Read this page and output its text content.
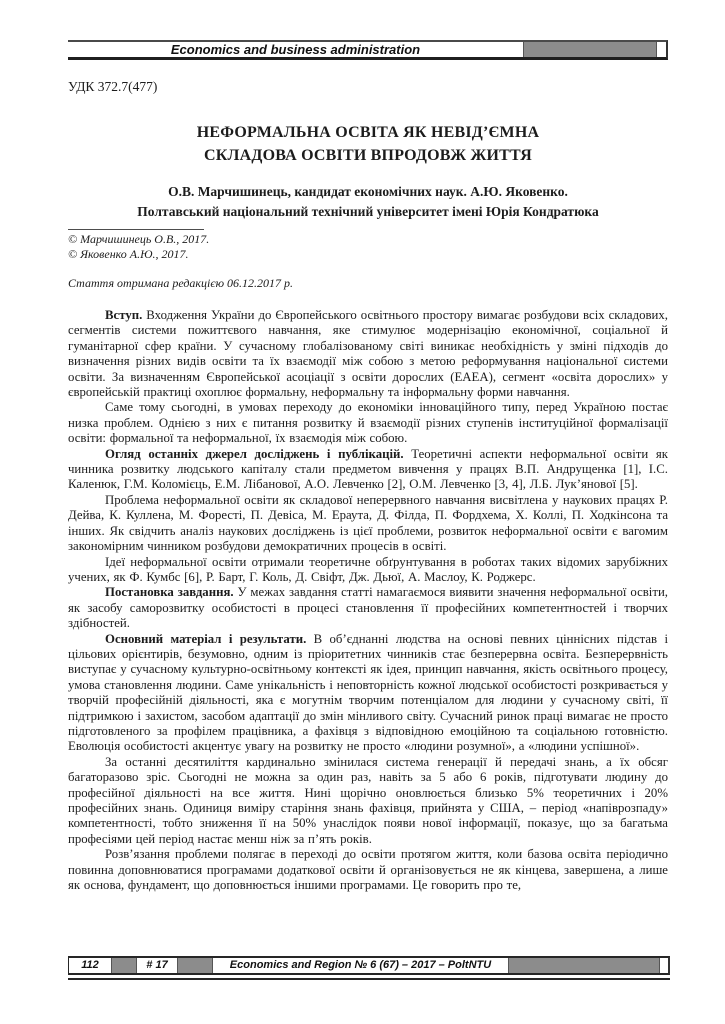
Economics and business administration
УДК 372.7(477)
НЕФОРМАЛЬНА ОСВІТА ЯК НЕВІД’ЄМНА
СКЛАДОВА ОСВІТИ ВПРОДОВЖ ЖИТТЯ
О.В. Марчишинець, кандидат економічних наук. А.Ю. Яковенко.
Полтавський національний технічний університет імені Юрія Кондратюка
© Марчишинець О.В., 2017.
© Яковенко А.Ю., 2017.
Стаття отримана редакцією 06.12.2017 р.

Вступ. Входження України до Європейського освітнього простору вимагає розбудови всіх складових, сегментів системи пожиттєвого навчання, яке стимулює модернізацію економічної, соціальної й гуманітарної сфер країни. У сучасному глобалізованому світі виникає необхідність у зміні підходів до визначення різних видів освіти та їх взаємодії між собою з метою реформування національної системи освіти. За визначенням Європейської асоціації з освіти дорослих (ЕАЕА), сегмент «освіта дорослих» у європейській практиці охоплює формальну, неформальну та інформальну форми навчання.

Саме тому сьогодні, в умовах переходу до економіки інноваційного типу, перед Україною постає низка проблем. Однією з них є питання розвитку й взаємодії різних ступенів інституційної формалізації освіти: формальної та неформальної, їх взаємодія між собою.

Огляд останніх джерел досліджень і публікацій. Теоретичні аспекти неформальної освіти як чинника розвитку людського капіталу стали предметом вивчення у працях В.П. Андрущенка [1], І.С. Каленюк, Г.М. Коломієць, Е.М. Лібанової, А.О. Левченко [2], О.М. Левченко [3, 4], Л.Б. Лук’янової [5].

Проблема неформальної освіти як складової неперервного навчання висвітлена у наукових працях Р. Дейва, К. Куллена, М. Форесті, П. Девіса, М. Ераута, Д. Філда, П. Фордхема, Х. Коллі, П. Ходкінсона та інших. Як свідчить аналіз наукових досліджень із цієї проблеми, розвиток неформальної освіти є вагомим закономірним чинником розбудови демократичних процесів в освіті.

Ідеї неформальної освіти отримали теоретичне обґрунтування в роботах таких відомих зарубіжних учених, як Ф. Кумбс [6], Р. Барт, Г. Коль, Д. Свіфт, Дж. Дьюї, А. Маслоу, К. Роджерс.

Постановка завдання. У межах завдання статті намагаємося виявити значення неформальної освіти, як засобу саморозвитку особистості в процесі становлення її професійних компетентностей і творчих здібностей.

Основний матеріал і результати. В об’єднанні людства на основі певних ціннісних підстав і цільових орієнтирів, безумовно, одним із пріоритетних чинників стає безперервна освіта. Безперервність виступає у сучасному культурно-освітньому контексті як ідея, принцип навчання, якість освітнього процесу, умова становлення людини. Саме унікальність і неповторність кожної людської особистості розкривається у творчій професійній діяльності, яка є могутнім творчим потенціалом для людини у сучасному світі, її підтримкою і захистом, засобом адаптації до змін мінливого світу. Сучасний ринок праці вимагає не просто підготовленого за профілем працівника, а фахівця з відповідною емоційною та соціальною готовністю. Еволюція особистості акцентує увагу на розвитку не просто «людини розумної», а «людини успішної».

За останні десятиліття кардинально змінилася система генерації й передачі знань, а їх обсяг багаторазово зріс. Сьогодні не можна за один раз, навіть за 5 або 6 років, підготувати людину до професійної діяльності на все життя. Нині щорічно оновлюється близько 5% теоретичних і 20% професійних знань. Одиниця виміру старіння знань фахівця, прийнята у США, – період «напіврозпаду» компетентності, тобто зниження її на 50% унаслідок появи нової інформації, показує, що за багатьма професіями цей період настає менш ніж за п’ять років.

Розв’язання проблеми полягає в переході до освіти протягом життя, коли базова освіта періодично повинна доповнюватися програмами додаткової освіти й організовується не як кінцева, завершена, а лише як основа, фундамент, що доповнюється іншими програмами. Це говорить про те,

112	# 17	Economics and Region № 6 (67) – 2017 – PoltNTU
